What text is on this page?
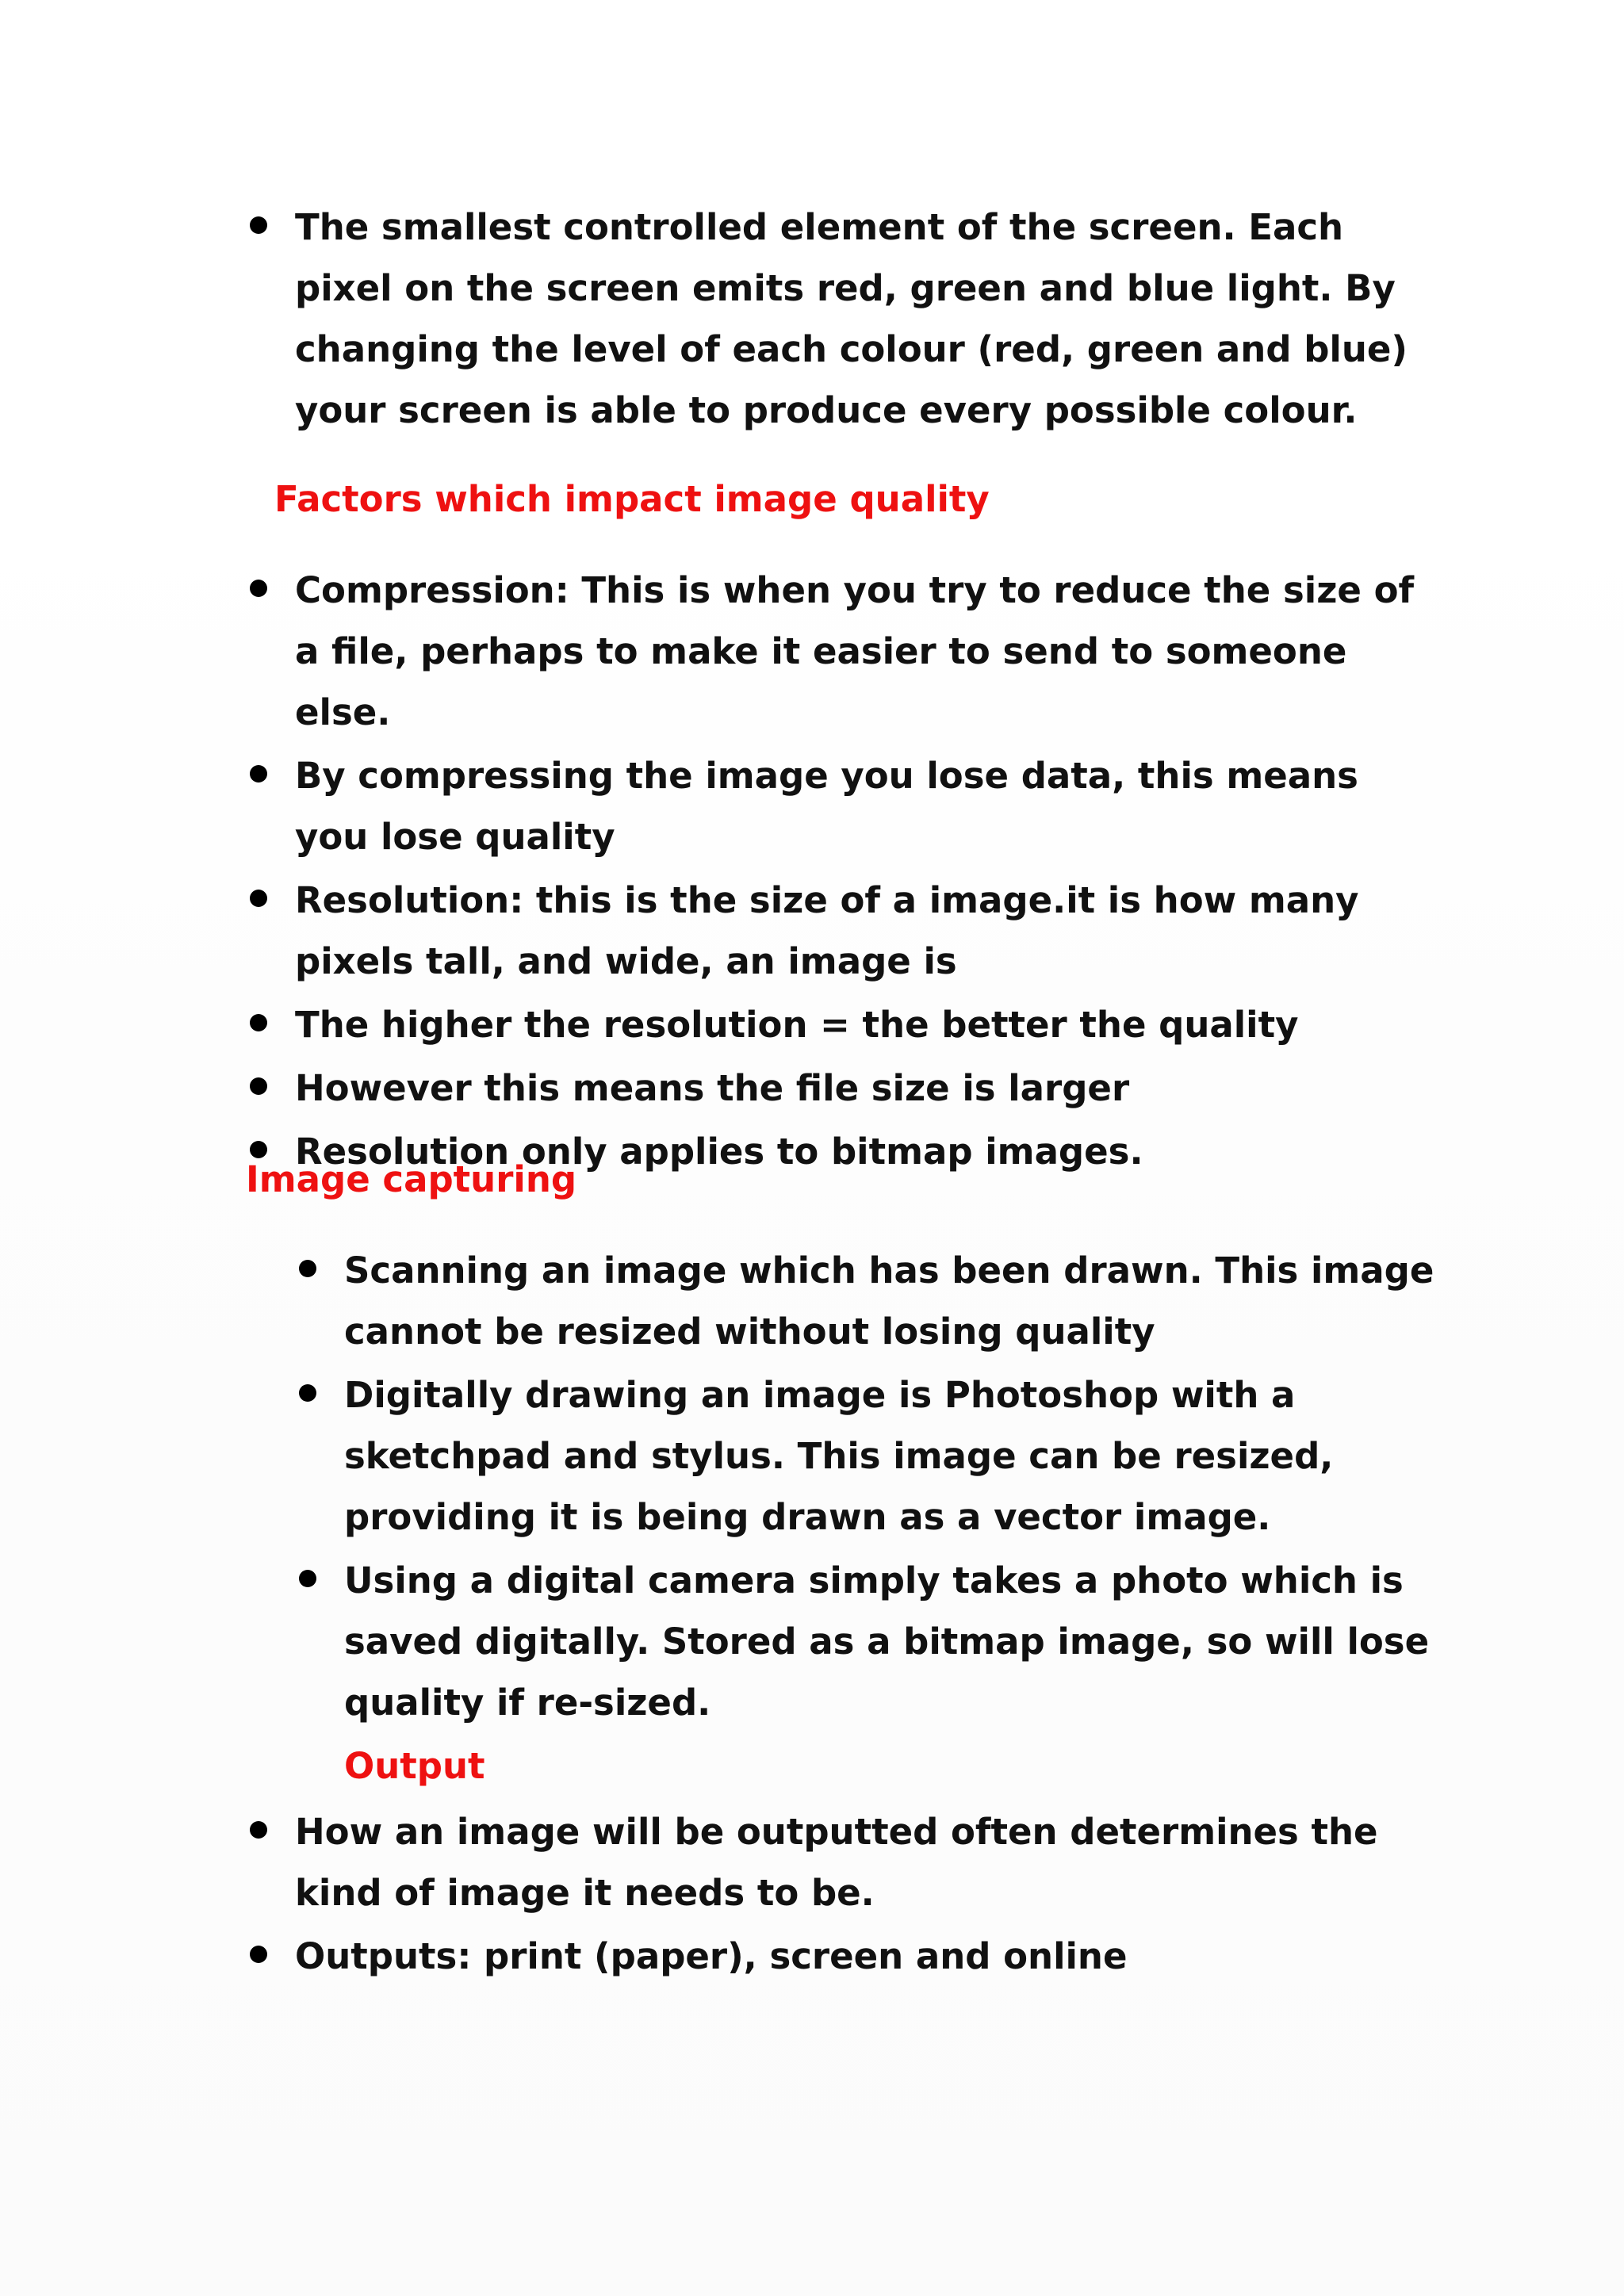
The smallest controlled element of the screen. Each pixel on the screen emits red, green and blue light. By changing the level of each colour (red, green and blue) your screen is able to produce every possible colour.
Factors which impact image quality
Compression: This is when you try to reduce the size of a file, perhaps to make it easier to send to someone else.
By compressing the image you lose data, this means you lose quality
Resolution: this is the size of a image.it is how many pixels tall, and wide, an image is
The higher the resolution = the better the quality
However this means the file size is larger
Resolution only applies to bitmap images.
Image capturing
Scanning an image which has been drawn. This image cannot be resized without losing quality
Digitally drawing an image is Photoshop with a sketchpad and stylus. This image can be resized, providing it is being drawn as a vector image.
Using a digital camera simply takes a photo which is saved digitally. Stored as a bitmap image, so will lose quality if re-sized.
Output
How an image will be outputted often determines the kind of image it needs to be.
Outputs: print (paper), screen and online
